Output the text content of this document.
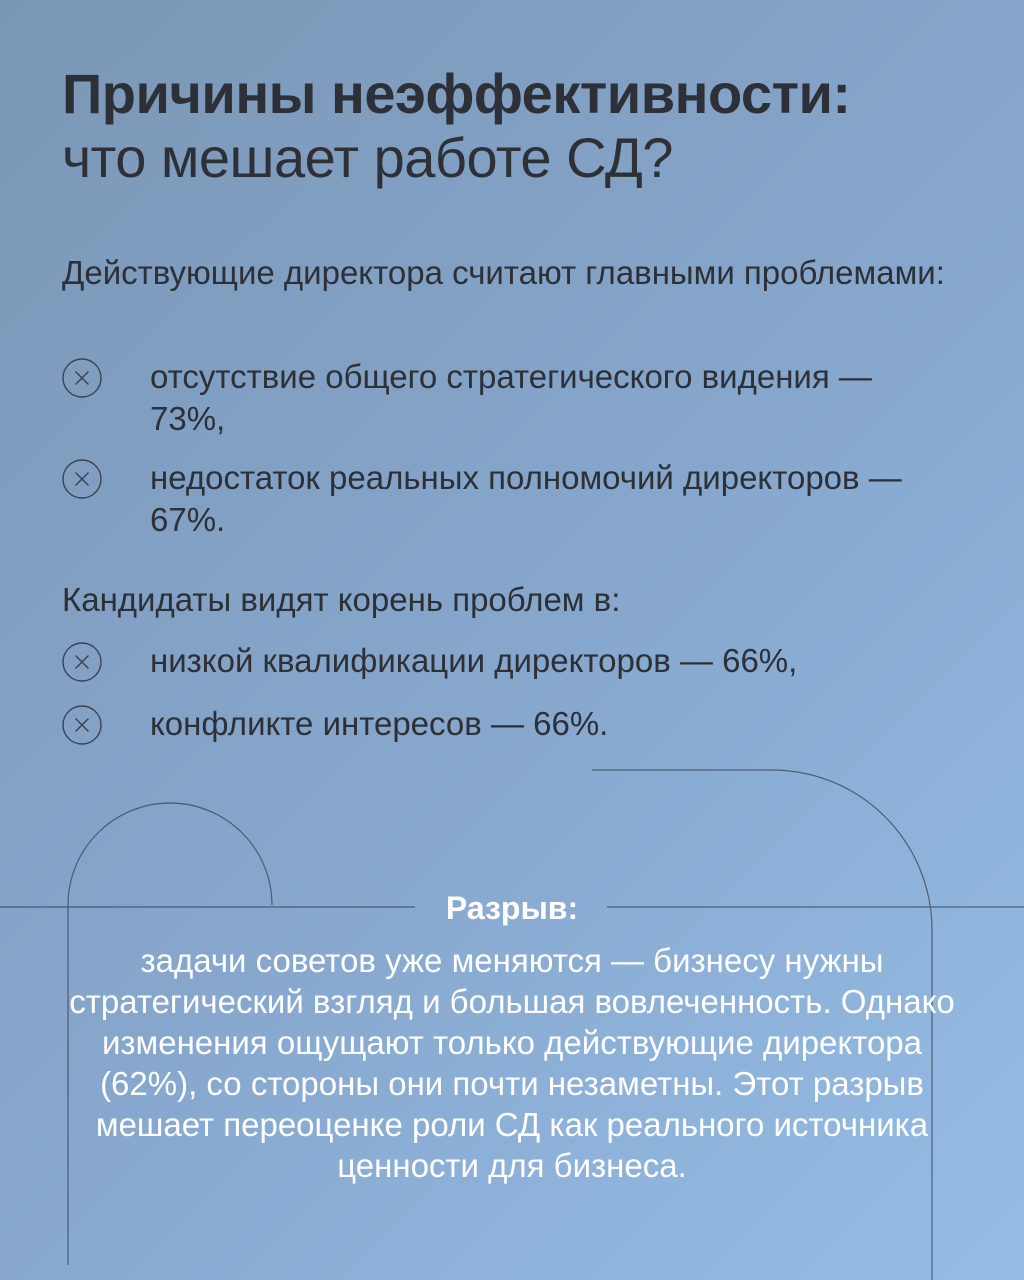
Причины неэффективности:
что мешает работе СД?
Действующие директора считают главными проблемами:
отсутствие общего стратегического видения — 73%,
недостаток реальных полномочий директоров — 67%.
Кандидаты видят корень проблем в:
низкой квалификации директоров — 66%,
конфликте интересов — 66%.
Разрыв:
задачи советов уже меняются — бизнесу нужны стратегический взгляд и большая вовлеченность. Однако изменения ощущают только действующие директора (62%), со стороны они почти незаметны. Этот разрыв мешает переоценке роли СД как реального источника ценности для бизнеса.
